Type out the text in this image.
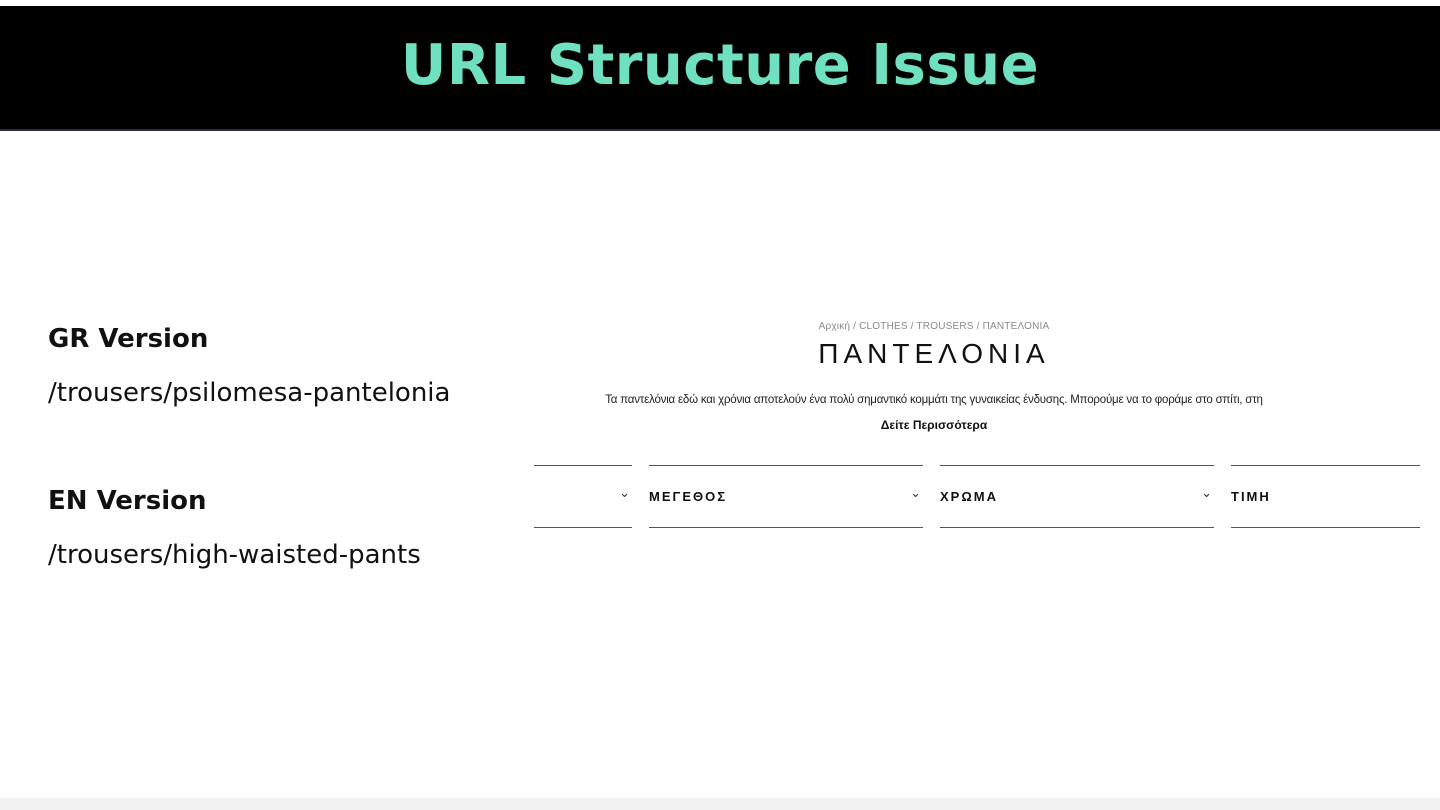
URL Structure Issue
GR Version
/trousers/psilomesa-pantelonia
EN Version
/trousers/high-waisted-pants
Αρχική / CLOTHES / TROUSERS / ΠΑΝΤΕΛΟΝΙΑ
ΠΑΝΤΕΛΟΝΙΑ
Τα παντελόνια εδώ και χρόνια αποτελούν ένα πολύ σημαντικό κομμάτι της γυναικείας ένδυσης. Μπορούμε να το φοράμε στο σπίτι, στη
Δείτε Περισσότερα
⌄ ΜΕΓΕΘΟΣ	⌄ ΧΡΩΜΑ	⌄ ΤΙΜΗ
